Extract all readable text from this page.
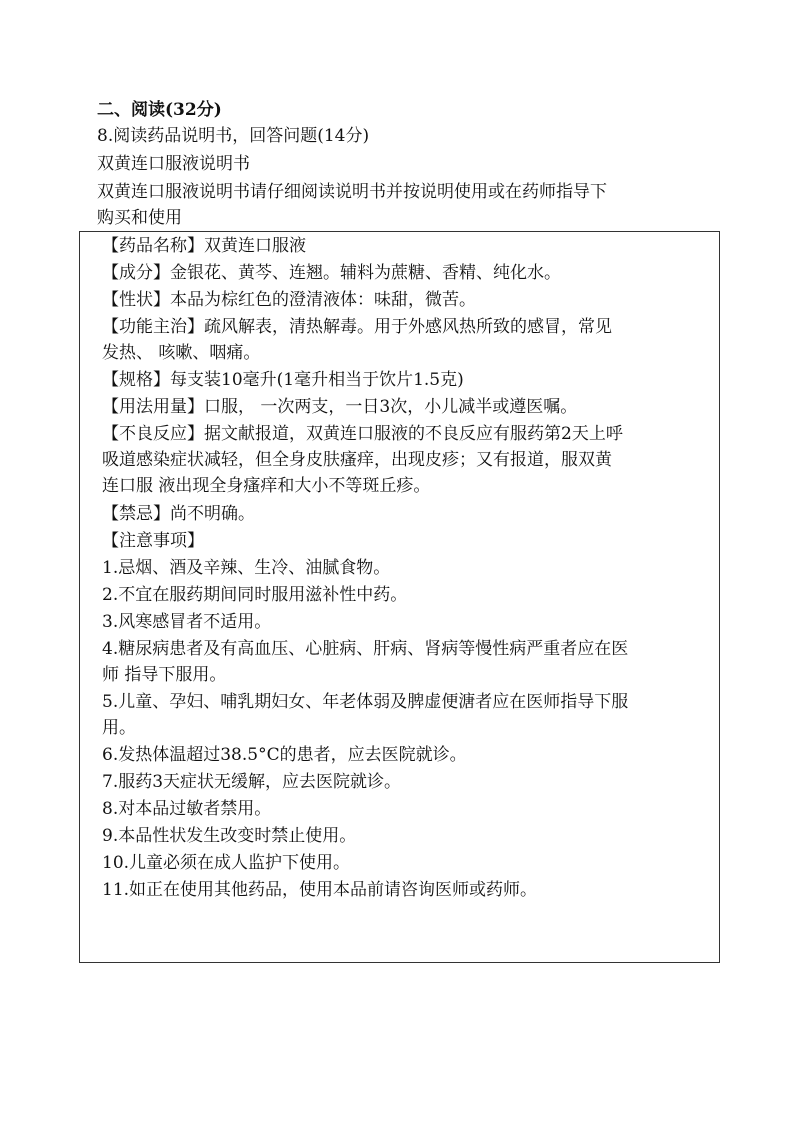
二、阅读(32分)
8.阅读药品说明书，回答问题(14分)
双黄连口服液说明书
双黄连口服液说明书请仔细阅读说明书并按说明使用或在药师指导下
购买和使用
【药品名称】双黄连口服液
【成分】金银花、黄芩、连翘。辅料为蔗糖、香精、纯化水。
【性状】本品为棕红色的澄清液体：味甜，微苦。
【功能主治】疏风解表，清热解毒。用于外感风热所致的感冒，常见
发热、 咳嗽、咽痛。
【规格】每支装10毫升(1毫升相当于饮片1.5克)
【用法用量】口服， 一次两支，一日3次，小儿减半或遵医嘱。
【不良反应】据文献报道，双黄连口服液的不良反应有服药第2天上呼
吸道感染症状减轻，但全身皮肤瘙痒，出现皮疹；又有报道，服双黄
连口服 液出现全身瘙痒和大小不等斑丘疹。
【禁忌】尚不明确。
【注意事项】
1.忌烟、酒及辛辣、生冷、油腻食物。
2.不宜在服药期间同时服用滋补性中药。
3.风寒感冒者不适用。
4.糖尿病患者及有高血压、心脏病、肝病、肾病等慢性病严重者应在医
师 指导下服用。
5.儿童、孕妇、哺乳期妇女、年老体弱及脾虚便溏者应在医师指导下服
用。
6.发热体温超过38.5°C的患者，应去医院就诊。
7.服药3天症状无缓解，应去医院就诊。
8.对本品过敏者禁用。
9.本品性状发生改变时禁止使用。
10.儿童必须在成人监护下使用。
11.如正在使用其他药品，使用本品前请咨询医师或药师。
